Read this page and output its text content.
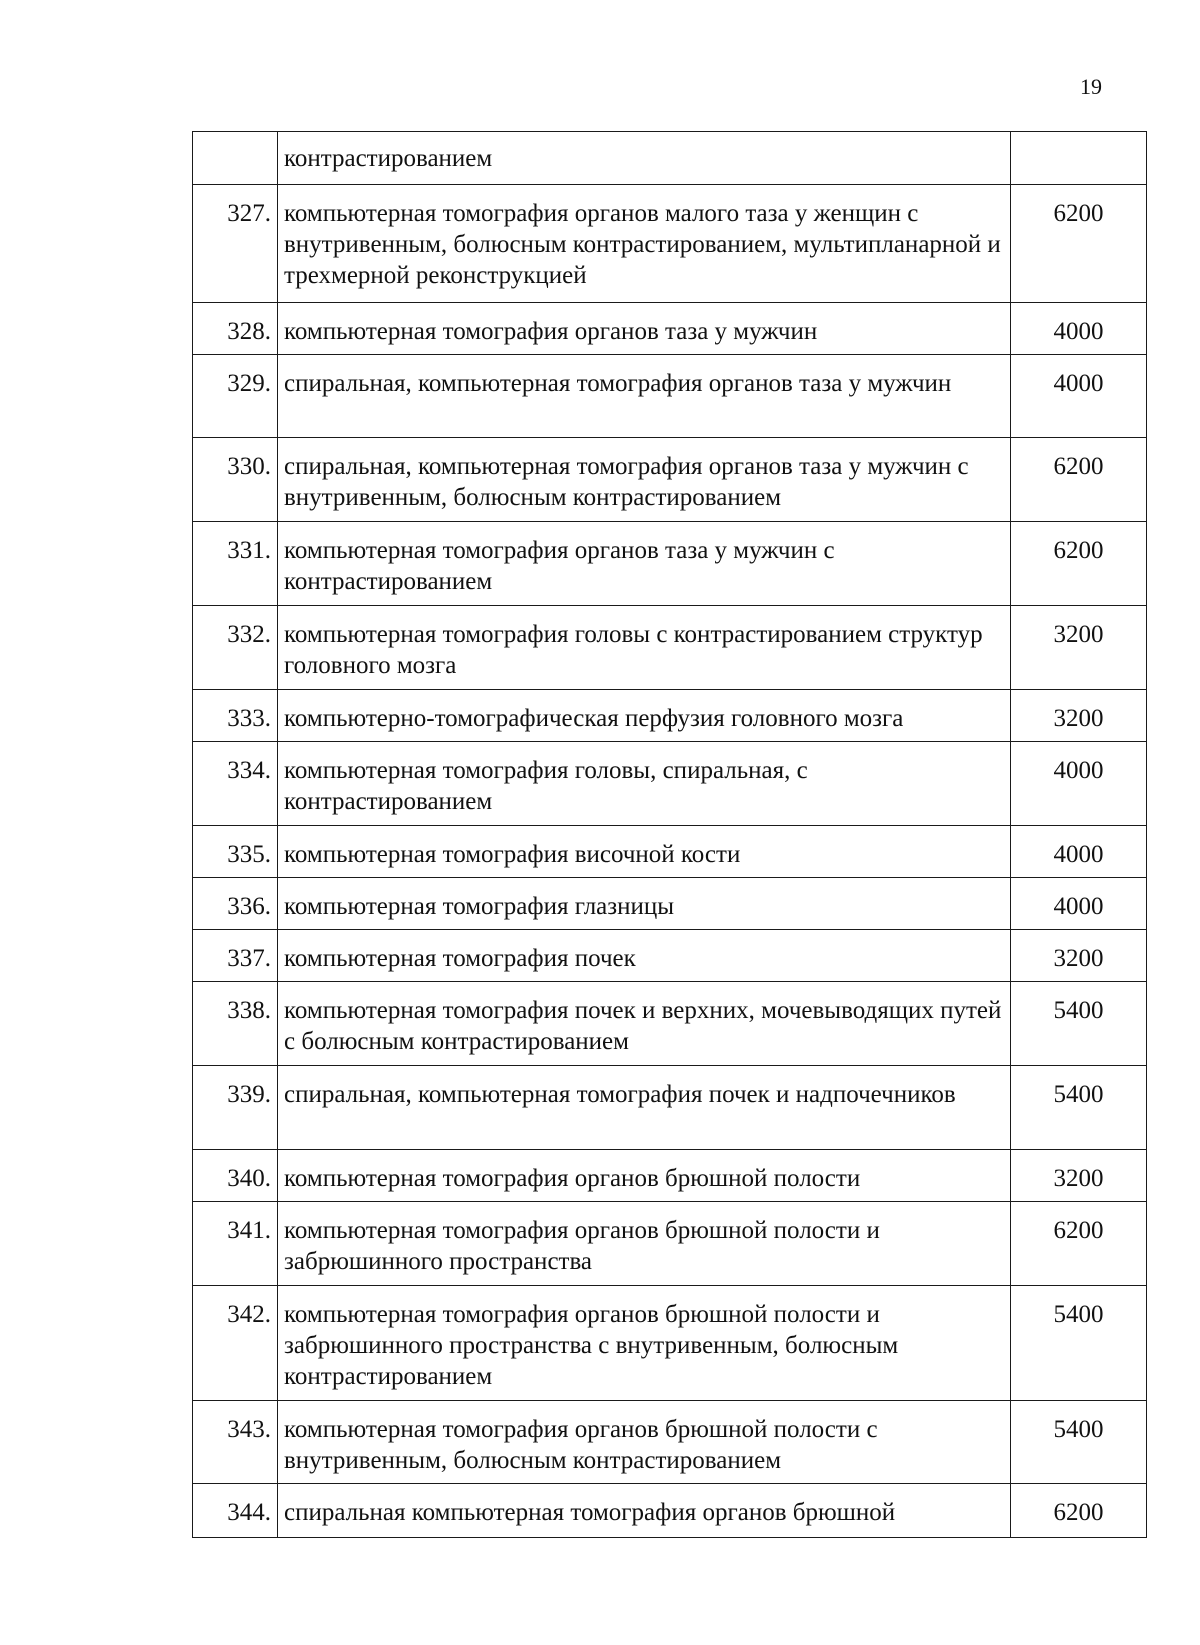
19
	контрастированием	
327.	компьютерная томография органов малого таза у женщин с внутривенным, болюсным контрастированием, мультипланарной и трехмерной реконструкцией	6200
328.	компьютерная томография органов таза у мужчин	4000
329.	спиральная, компьютерная томография органов таза у мужчин	4000
330.	спиральная, компьютерная томография органов таза у мужчин с внутривенным, болюсным контрастированием	6200
331.	компьютерная томография органов таза у мужчин с контрастированием	6200
332.	компьютерная томография головы с контрастированием структур головного мозга	3200
333.	компьютерно-томографическая перфузия головного мозга	3200
334.	компьютерная томография головы, спиральная, с контрастированием	4000
335.	компьютерная томография височной кости	4000
336.	компьютерная томография глазницы	4000
337.	компьютерная томография почек	3200
338.	компьютерная томография почек и верхних, мочевыводящих путей с болюсным контрастированием	5400
339.	спиральная, компьютерная томография почек и надпочечников	5400
340.	компьютерная томография органов брюшной полости	3200
341.	компьютерная томография органов брюшной полости и забрюшинного пространства	6200
342.	компьютерная томография органов брюшной полости и забрюшинного пространства с внутривенным, болюсным контрастированием	5400
343.	компьютерная томография органов брюшной полости с внутривенным, болюсным контрастированием	5400
344.	спиральная компьютерная томография органов брюшной	6200
